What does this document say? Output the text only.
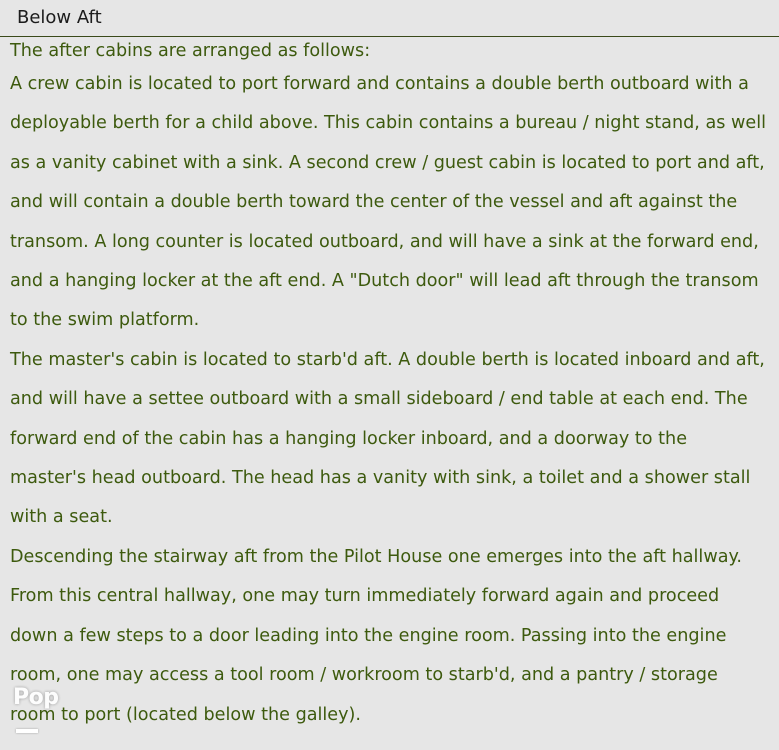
Below Aft

The after cabins are arranged as follows:

A crew cabin is located to port forward and contains a double berth outboard with a deployable berth for a child above. This cabin contains a bureau / night stand, as well as a vanity cabinet with a sink. A second crew / guest cabin is located to port and aft, and will contain a double berth toward the center of the vessel and aft against the transom. A long counter is located outboard, and will have a sink at the forward end, and a hanging locker at the aft end. A "Dutch door" will lead aft through the transom to the swim platform.

The master's cabin is located to starb'd aft. A double berth is located inboard and aft, and will have a settee outboard with a small sideboard / end table at each end. The forward end of the cabin has a hanging locker inboard, and a doorway to the master's head outboard. The head has a vanity with sink, a toilet and a shower stall with a seat.

Descending the stairway aft from the Pilot House one emerges into the aft hallway. From this central hallway, one may turn immediately forward again and proceed down a few steps to a door leading into the engine room. Passing into the engine room, one may access a tool room / workroom to starb'd, and a pantry / storage room to port (located below the galley).

Pop
